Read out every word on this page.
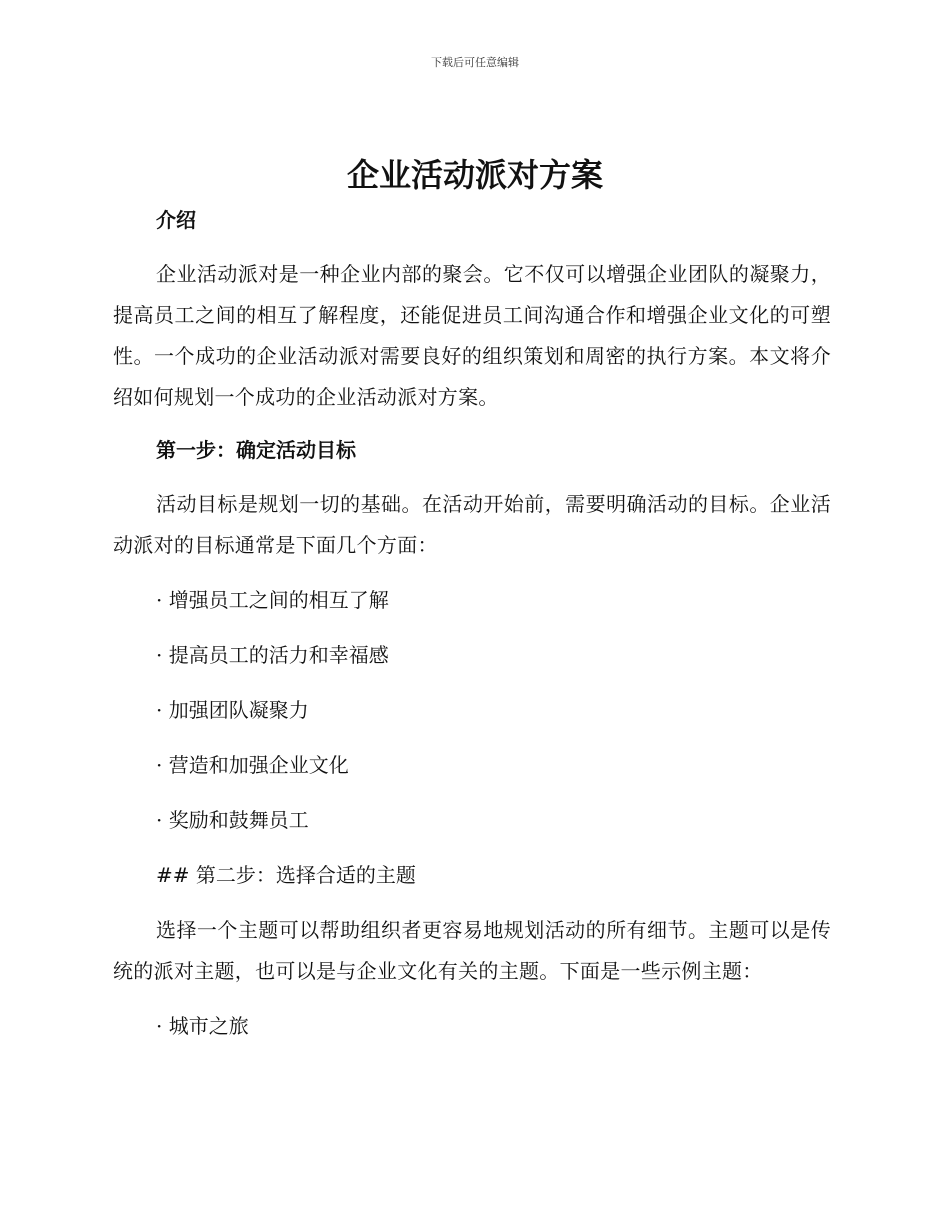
下载后可任意编辑
企业活动派对方案

介绍

企业活动派对是一种企业内部的聚会。它不仅可以增强企业团队的凝聚力，提高员工之间的相互了解程度，还能促进员工间沟通合作和增强企业文化的可塑性。一个成功的企业活动派对需要良好的组织策划和周密的执行方案。本文将介绍如何规划一个成功的企业活动派对方案。

第一步：确定活动目标

活动目标是规划一切的基础。在活动开始前，需要明确活动的目标。企业活动派对的目标通常是下面几个方面：

· 增强员工之间的相互了解

· 提高员工的活力和幸福感

· 加强团队凝聚力

· 营造和加强企业文化

· 奖励和鼓舞员工

## 第二步：选择合适的主题

选择一个主题可以帮助组织者更容易地规划活动的所有细节。主题可以是传统的派对主题，也可以是与企业文化有关的主题。下面是一些示例主题：

· 城市之旅
